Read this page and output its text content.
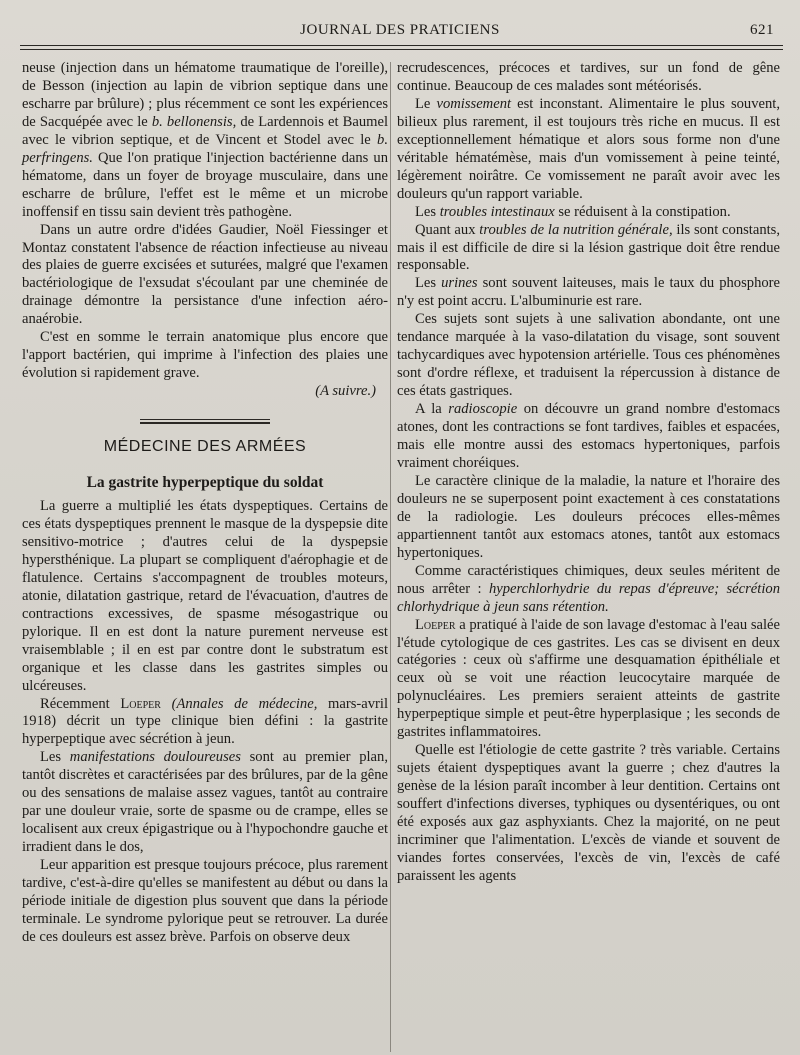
JOURNAL DES PRATICIENS	621

neuse (injection dans un hématome traumatique de l'oreille), de Besson (injection au lapin de vibrion septique dans une escharre par brûlure) ; plus récemment ce sont les expériences de Sacquépée avec le b. bellonensis, de Lardennois et Baumel avec le vibrion septique, et de Vincent et Stodel avec le b. perfringens. Que l'on pratique l'injection bactérienne dans un hématome, dans un foyer de broyage musculaire, dans une escharre de brûlure, l'effet est le même et un microbe inoffensif en tissu sain devient très pathogène.

Dans un autre ordre d'idées Gaudier, Noël Fiessinger et Montaz constatent l'absence de réaction infectieuse au niveau des plaies de guerre excisées et suturées, malgré que l'examen bactériologique de l'exsudat s'écoulant par une cheminée de drainage démontre la persistance d'une infection aéro-anaérobie.

C'est en somme le terrain anatomique plus encore que l'apport bactérien, qui imprime à l'infection des plaies une évolution si rapidement grave.

(A suivre.)

MÉDECINE DES ARMÉES
La gastrite hyperpeptique du soldat

La guerre a multiplié les états dyspeptiques. Certains de ces états dyspeptiques prennent le masque de la dyspepsie dite sensitivo-motrice ; d'autres celui de la dyspepsie hypersthénique. La plupart se compliquent d'aérophagie et de flatulence. Certains s'accompagnent de troubles moteurs, atonie, dilatation gastrique, retard de l'évacuation, d'autres de contractions excessives, de spasme mésogastrique ou pylorique. Il en est dont la nature purement nerveuse est vraisemblable ; il en est par contre dont le substratum est organique et les classe dans les gastrites simples ou ulcéreuses.

Récemment Loeper (Annales de médecine, mars-avril 1918) décrit un type clinique bien défini : la gastrite hyperpeptique avec sécrétion à jeun.

Les manifestations douloureuses sont au premier plan, tantôt discrètes et caractérisées par des brûlures, par de la gêne ou des sensations de malaise assez vagues, tantôt au contraire par une douleur vraie, sorte de spasme ou de crampe, elles se localisent aux creux épigastrique ou à l'hypochondre gauche et irradient dans le dos,

Leur apparition est presque toujours précoce, plus rarement tardive, c'est-à-dire qu'elles se manifestent au début ou dans la période initiale de digestion plus souvent que dans la période terminale. Le syndrome pylorique peut se retrouver. La durée de ces douleurs est assez brève. Parfois on observe deux

recrudescences, précoces et tardives, sur un fond de gêne continue. Beaucoup de ces malades sont météorisés.

Le vomissement est inconstant. Alimentaire le plus souvent, bilieux plus rarement, il est toujours très riche en mucus. Il est exceptionnellement hématique et alors sous forme non d'une véritable hématémèse, mais d'un vomissement à peine teinté, légèrement noirâtre. Ce vomissement ne paraît avoir avec les douleurs qu'un rapport variable.

Les troubles intestinaux se réduisent à la constipation.

Quant aux troubles de la nutrition générale, ils sont constants, mais il est difficile de dire si la lésion gastrique doit être rendue responsable.

Les urines sont souvent laiteuses, mais le taux du phosphore n'y est point accru. L'albuminurie est rare.

Ces sujets sont sujets à une salivation abondante, ont une tendance marquée à la vaso-dilatation du visage, sont souvent tachycardiques avec hypotension artérielle. Tous ces phénomènes sont d'ordre réflexe, et traduisent la répercussion à distance de ces états gastriques.

A la radioscopie on découvre un grand nombre d'estomacs atones, dont les contractions se font tardives, faibles et espacées, mais elle montre aussi des estomacs hypertoniques, parfois vraiment choréiques.

Le caractère clinique de la maladie, la nature et l'horaire des douleurs ne se superposent point exactement à ces constatations de la radiologie. Les douleurs précoces elles-mêmes appartiennent tantôt aux estomacs atones, tantôt aux estomacs hypertoniques.

Comme caractéristiques chimiques, deux seules méritent de nous arrêter : hyperchlorhydrie du repas d'épreuve; sécrétion chlorhydrique à jeun sans rétention.

Loeper a pratiqué à l'aide de son lavage d'estomac à l'eau salée l'étude cytologique de ces gastrites. Les cas se divisent en deux catégories : ceux où s'affirme une desquamation épithéliale et ceux où se voit une réaction leucocytaire marquée de polynucléaires. Les premiers seraient atteints de gastrite hyperpeptique simple et peut-être hyperplasique ; les seconds de gastrites inflammatoires.

Quelle est l'étiologie de cette gastrite ? très variable. Certains sujets étaient dyspeptiques avant la guerre ; chez d'autres la genèse de la lésion paraît incomber à leur dentition. Certains ont souffert d'infections diverses, typhiques ou dysentériques, ou ont été exposés aux gaz asphyxiants. Chez la majorité, on ne peut incriminer que l'alimentation. L'excès de viande et souvent de viandes fortes conservées, l'excès de vin, l'excès de café paraissent les agents
